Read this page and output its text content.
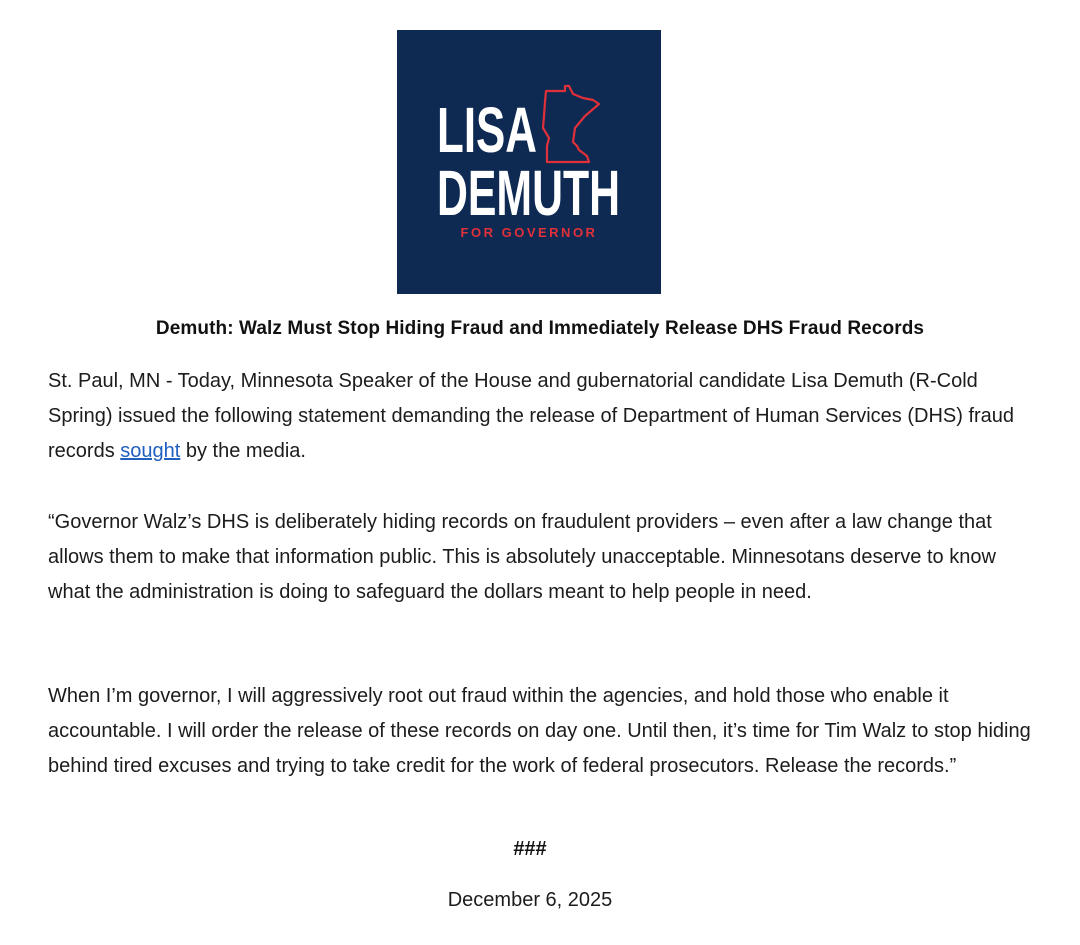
LISA
DEMUTH
FOR GOVERNOR
Demuth: Walz Must Stop Hiding Fraud and Immediately Release DHS Fraud Records

St. Paul, MN - Today, Minnesota Speaker of the House and gubernatorial candidate Lisa Demuth (R-Cold Spring) issued the following statement demanding the release of Department of Human Services (DHS) fraud records sought by the media.

“Governor Walz’s DHS is deliberately hiding records on fraudulent providers – even after a law change that allows them to make that information public. This is absolutely unacceptable. Minnesotans deserve to know what the administration is doing to safeguard the dollars meant to help people in need.

When I’m governor, I will aggressively root out fraud within the agencies, and hold those who enable it accountable. I will order the release of these records on day one. Until then, it’s time for Tim Walz to stop hiding behind tired excuses and trying to take credit for the work of federal prosecutors. Release the records.”

###
December 6, 2025
